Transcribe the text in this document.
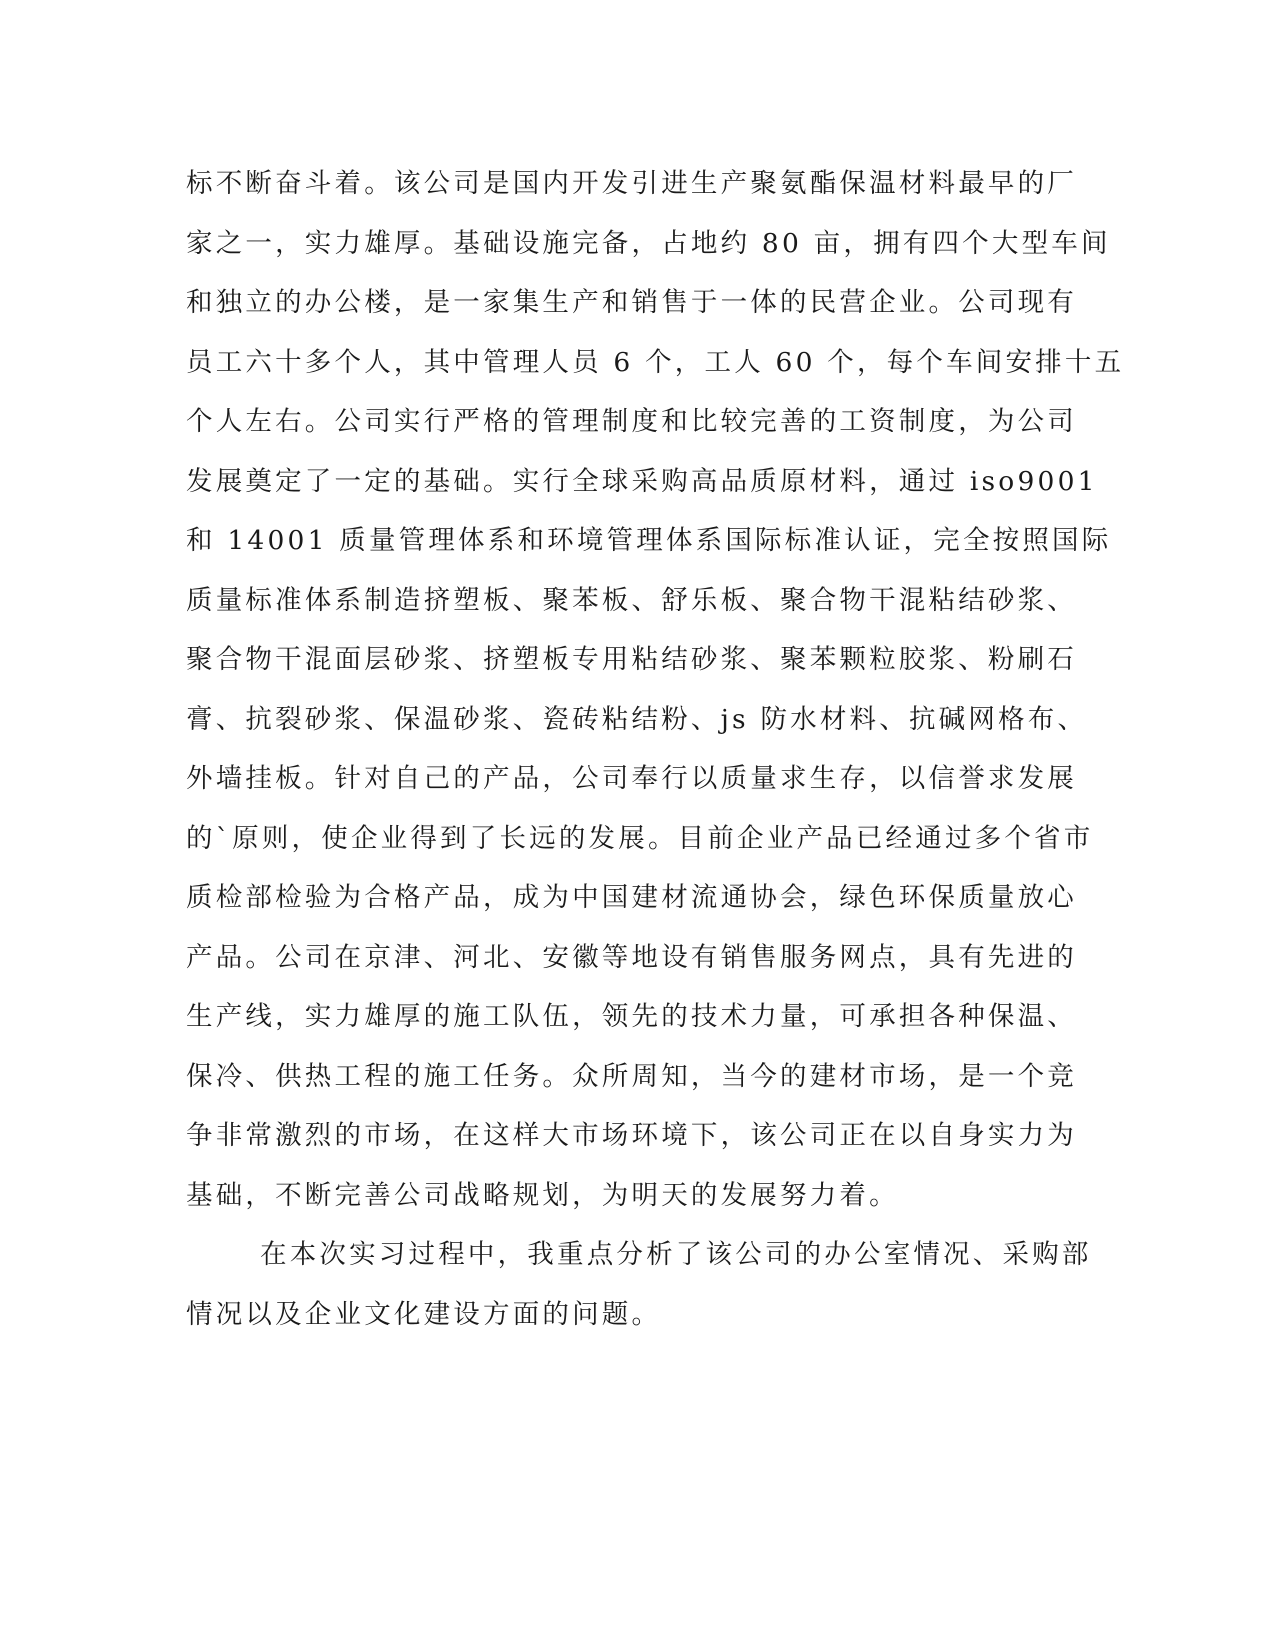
标不断奋斗着。该公司是国内开发引进生产聚氨酯保温材料最早的厂
家之一，实力雄厚。基础设施完备，占地约 80 亩，拥有四个大型车间
和独立的办公楼，是一家集生产和销售于一体的民营企业。公司现有
员工六十多个人，其中管理人员 6 个，工人 60 个，每个车间安排十五
个人左右。公司实行严格的管理制度和比较完善的工资制度，为公司
发展奠定了一定的基础。实行全球采购高品质原材料，通过 iso9001
和 14001 质量管理体系和环境管理体系国际标准认证，完全按照国际
质量标准体系制造挤塑板、聚苯板、舒乐板、聚合物干混粘结砂浆、
聚合物干混面层砂浆、挤塑板专用粘结砂浆、聚苯颗粒胶浆、粉刷石
膏、抗裂砂浆、保温砂浆、瓷砖粘结粉、js 防水材料、抗碱网格布、
外墙挂板。针对自己的产品，公司奉行以质量求生存，以信誉求发展
的`原则，使企业得到了长远的发展。目前企业产品已经通过多个省市
质检部检验为合格产品，成为中国建材流通协会，绿色环保质量放心
产品。公司在京津、河北、安徽等地设有销售服务网点，具有先进的
生产线，实力雄厚的施工队伍，领先的技术力量，可承担各种保温、
保冷、供热工程的施工任务。众所周知，当今的建材市场，是一个竞
争非常激烈的市场，在这样大市场环境下，该公司正在以自身实力为
基础，不断完善公司战略规划，为明天的发展努力着。
在本次实习过程中，我重点分析了该公司的办公室情况、采购部
情况以及企业文化建设方面的问题。
